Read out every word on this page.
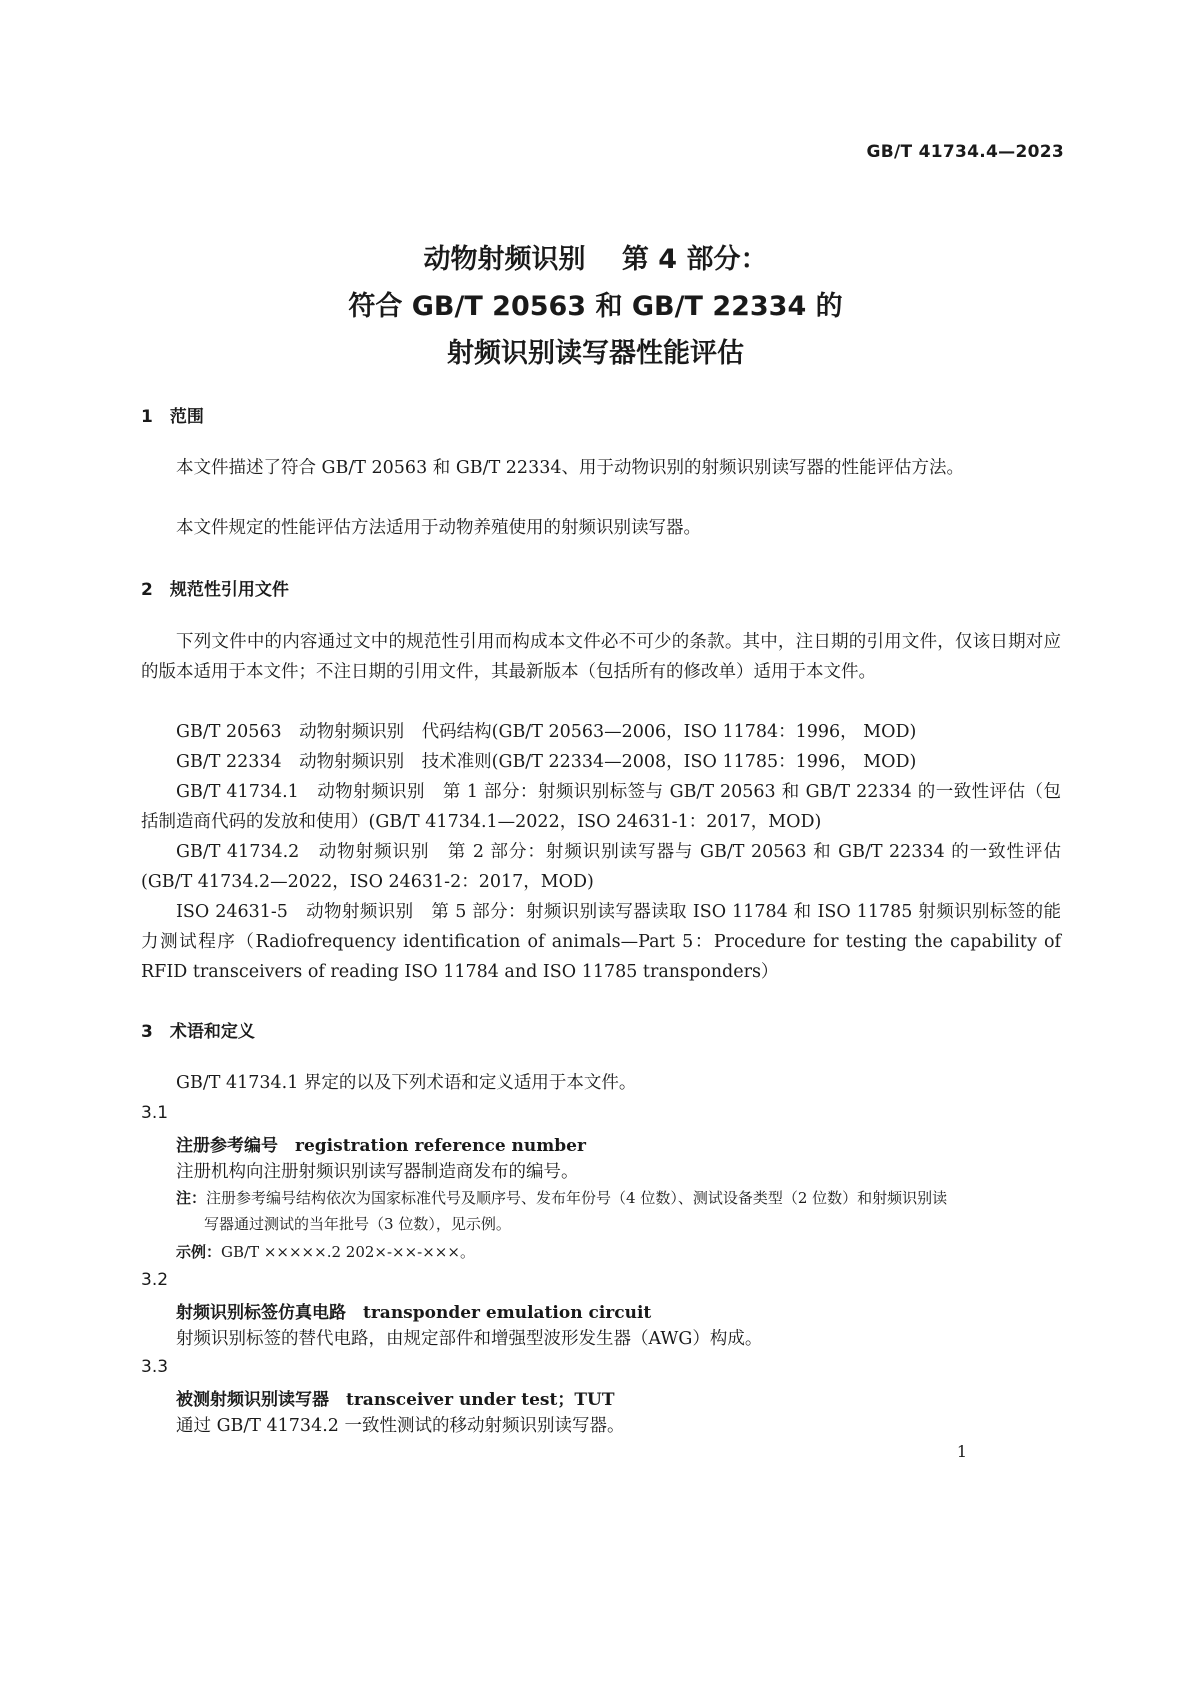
GB/T 41734.4—2023
动物射频识别　 第 4 部分：
符合 GB/T 20563 和 GB/T 22334 的
射频识别读写器性能评估
1　范围
本文件描述了符合 GB/T 20563 和 GB/T 22334、用于动物识别的射频识别读写器的性能评估方法。
本文件规定的性能评估方法适用于动物养殖使用的射频识别读写器。
2　规范性引用文件
下列文件中的内容通过文中的规范性引用而构成本文件必不可少的条款。其中，注日期的引用文件，仅该日期对应的版本适用于本文件；不注日期的引用文件，其最新版本（包括所有的修改单）适用于本文件。
GB/T 20563　动物射频识别　代码结构(GB/T 20563—2006，ISO 11784：1996， MOD)
GB/T 22334　动物射频识别　技术准则(GB/T 22334—2008，ISO 11785：1996， MOD)
GB/T 41734.1　动物射频识别　第 1 部分：射频识别标签与 GB/T 20563 和 GB/T 22334 的一致性评估（包括制造商代码的发放和使用）(GB/T 41734.1—2022，ISO 24631-1：2017，MOD)
GB/T 41734.2　动物射频识别　第 2 部分：射频识别读写器与 GB/T 20563 和 GB/T 22334 的一致性评估(GB/T 41734.2—2022，ISO 24631-2：2017，MOD)
ISO 24631-5　动物射频识别　第 5 部分：射频识别读写器读取 ISO 11784 和 ISO 11785 射频识别标签的能力测试程序（Radiofrequency identification of animals—Part 5：Procedure for testing the capability of RFID transceivers of reading ISO 11784 and ISO 11785 transponders）
3　术语和定义
GB/T 41734.1 界定的以及下列术语和定义适用于本文件。
3.1
注册参考编号　 registration reference number
注册机构向注册射频识别读写器制造商发布的编号。
注：注册参考编号结构依次为国家标准代号及顺序号、发布年份号（4 位数）、测试设备类型（2 位数）和射频识别读
写器通过测试的当年批号（3 位数），见示例。
示例：GB/T ×××××.2 202×-××-×××。
3.2
射频识别标签仿真电路　 transponder emulation circuit
射频识别标签的替代电路，由规定部件和增强型波形发生器（AWG）构成。
3.3
被测射频识别读写器　 transceiver under test；TUT
通过 GB/T 41734.2 一致性测试的移动射频识别读写器。
1
